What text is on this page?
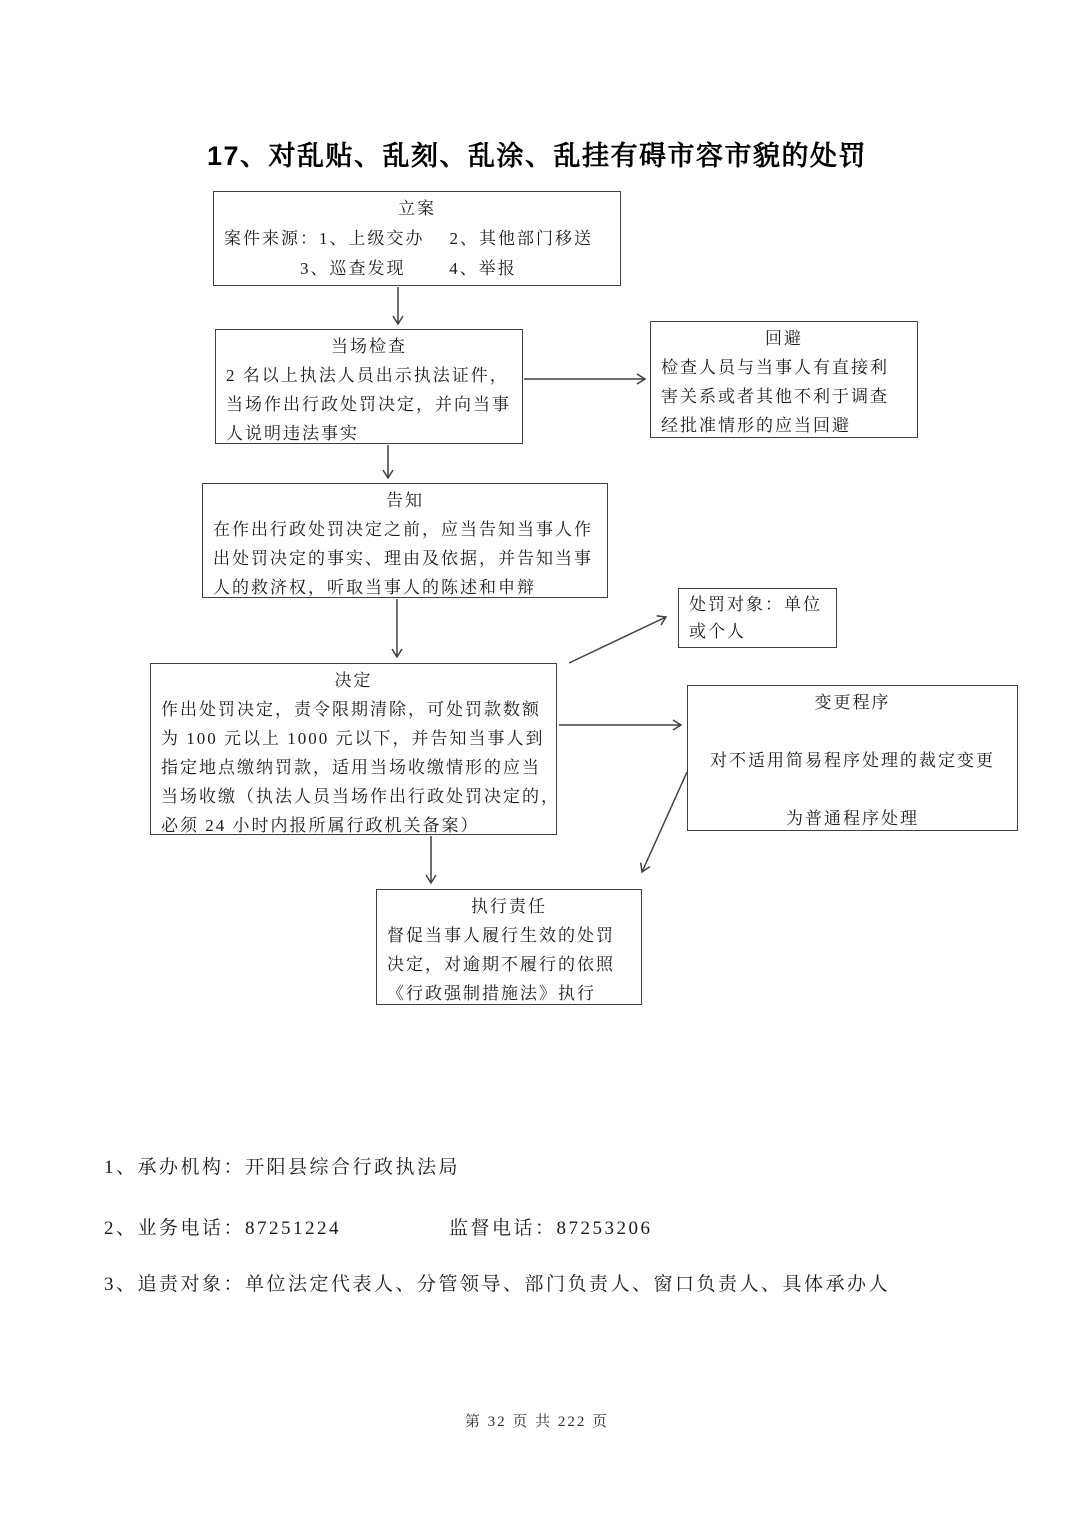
17、对乱贴、乱刻、乱涂、乱挂有碍市容市貌的处罚
立案
案件来源：1、上级交办    2、其他部门移送
3、巡查发现       4、举报
当场检查
2 名以上执法人员出示执法证件，
当场作出行政处罚决定，并向当事
人说明违法事实
回避
检查人员与当事人有直接利
害关系或者其他不利于调查
经批准情形的应当回避
告知
在作出行政处罚决定之前，应当告知当事人作
出处罚决定的事实、理由及依据，并告知当事
人的救济权，听取当事人的陈述和申辩
处罚对象：单位
或个人
决定
作出处罚决定，责令限期清除，可处罚款数额
为 100 元以上 1000 元以下，并告知当事人到
指定地点缴纳罚款，适用当场收缴情形的应当
当场收缴（执法人员当场作出行政处罚决定的，
必须 24 小时内报所属行政机关备案）
变更程序
对不适用简易程序处理的裁定变更
为普通程序处理
执行责任
督促当事人履行生效的处罚
决定，对逾期不履行的依照
《行政强制措施法》执行
1、承办机构：开阳县综合行政执法局
2、业务电话：87251224	监督电话：87253206
3、追责对象：单位法定代表人、分管领导、部门负责人、窗口负责人、具体承办人
第 32 页 共 222 页
